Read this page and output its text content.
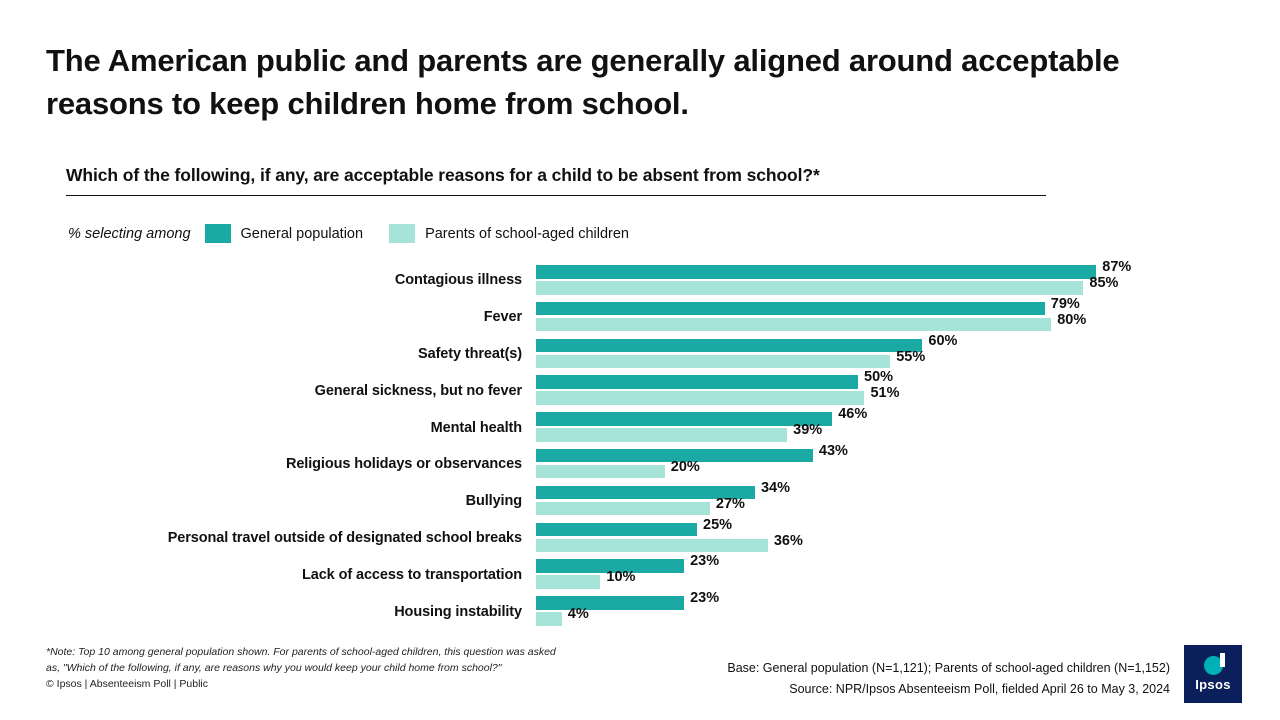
The American public and parents are generally aligned around acceptable reasons to keep children home from school.
Which of the following, if any, are acceptable reasons for a child to be absent from school?*
% selecting among	General population	Parents of school-aged children
Contagious illness
87%
85%
Fever
79%
80%
Safety threat(s)
60%
55%
General sickness, but no fever
50%
51%
Mental health
46%
39%
Religious holidays or observances
43%
20%
Bullying
34%
27%
Personal travel outside of designated school breaks
25%
36%
Lack of access to transportation
23%
10%
Housing instability
23%
4%
*Note: Top 10 among general population shown. For parents of school-aged children, this question was asked as, "Which of the following, if any, are reasons why you would keep your child home from school?"
© Ipsos | Absenteeism Poll | Public
Base: General population (N=1,121); Parents of school-aged children (N=1,152)
Source: NPR/Ipsos Absenteeism Poll, fielded April 26 to May 3, 2024 Ipsos
